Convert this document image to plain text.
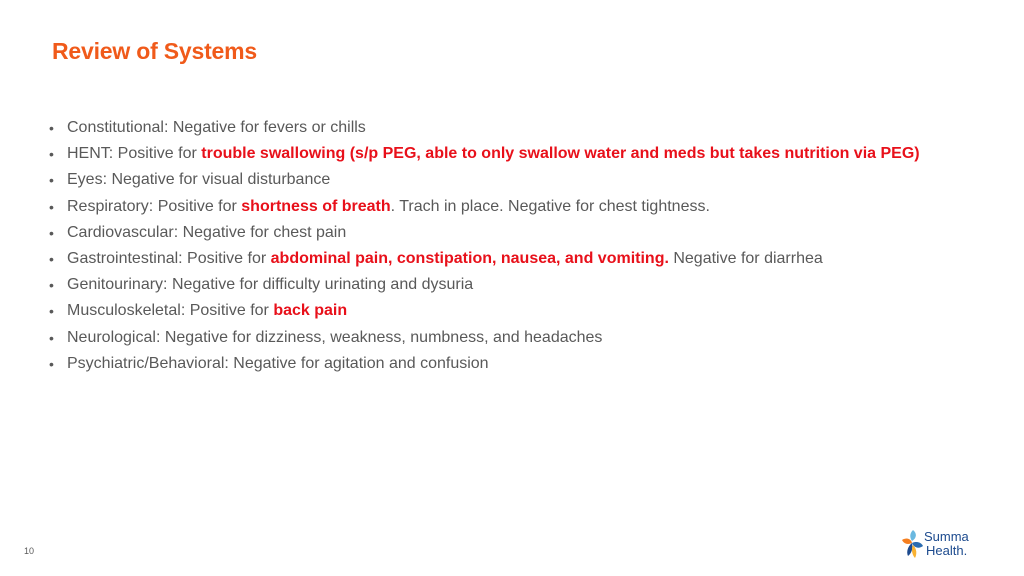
Review of Systems
• Constitutional: Negative for fevers or chills
• HENT: Positive for trouble swallowing (s/p PEG, able to only swallow water and meds but takes nutrition via PEG)
• Eyes: Negative for visual disturbance
• Respiratory: Positive for shortness of breath. Trach in place. Negative for chest tightness.
• Cardiovascular: Negative for chest pain
• Gastrointestinal: Positive for abdominal pain, constipation, nausea, and vomiting. Negative for diarrhea
• Genitourinary: Negative for difficulty urinating and dysuria
• Musculoskeletal: Positive for back pain
• Neurological: Negative for dizziness, weakness, numbness, and headaches
• Psychiatric/Behavioral: Negative for agitation and confusion
10
Summa
Health.
